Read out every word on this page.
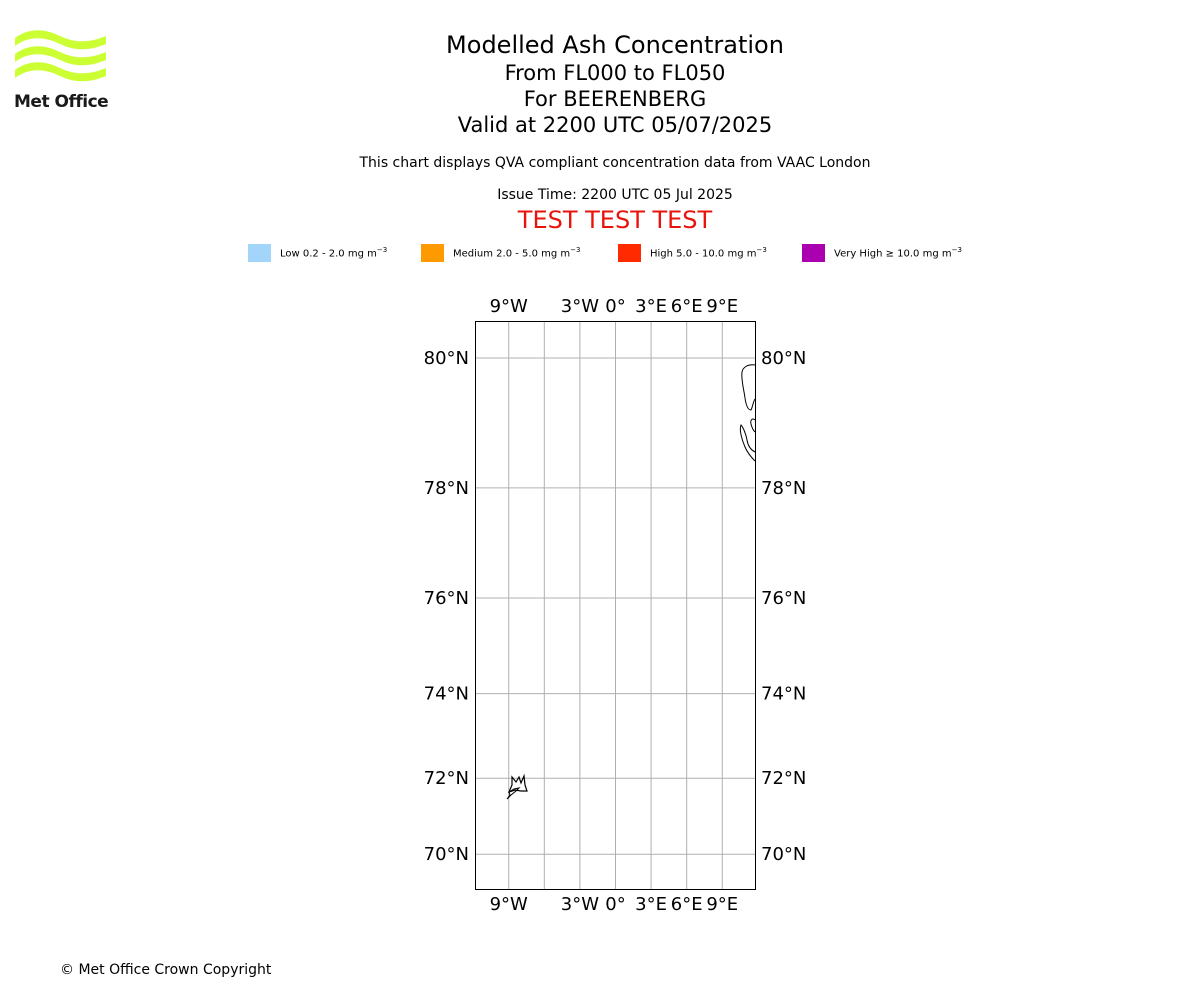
Met Office
Modelled Ash Concentration
From FL000 to FL050
For BEERENBERG
Valid at 2200 UTC 05/07/2025
This chart displays QVA compliant concentration data from VAAC London
Issue Time: 2200 UTC 05 Jul 2025
TEST TEST TEST
Low 0.2 - 2.0 mg $m^{-3}$	Medium 2.0 - 5.0 mg $m^{-3}$	High 5.0 - 10.0 mg $m^{-3}$	Very High ≥ 10.0 mg $m^{-3}$
9°W
9°W
3°W
3°W
0°
0°
3°E
3°E
6°E
6°E
9°E
9°E
80°N	80°N
78°N	78°N
76°N	76°N
74°N	74°N
72°N	72°N
70°N	70°N
© Met Office Crown Copyright
